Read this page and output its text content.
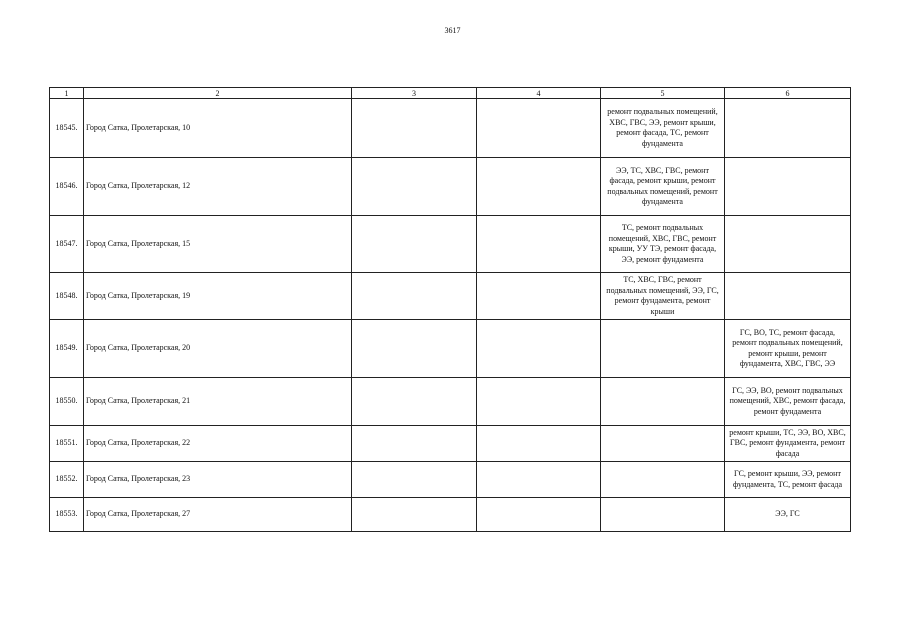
3617
1	2	3	4	5	6
18545.	Город Сатка, Пролетарская, 10			ремонт подвальных помещений, ХВС, ГВС, ЭЭ, ремонт крыши, ремонт фасада, ТС, ремонт фундамента	
18546.	Город Сатка, Пролетарская, 12			ЭЭ, ТС, ХВС, ГВС, ремонт фасада, ремонт крыши, ремонт подвальных помещений, ремонт фундамента	
18547.	Город Сатка, Пролетарская, 15			ТС, ремонт подвальных помещений, ХВС, ГВС, ремонт крыши, УУ ТЭ, ремонт фасада, ЭЭ, ремонт фундамента	
18548.	Город Сатка, Пролетарская, 19			ТС, ХВС, ГВС, ремонт подвальных помещений, ЭЭ, ГС, ремонт фундамента, ремонт крыши	
18549.	Город Сатка, Пролетарская, 20				ГС, ВО, ТС, ремонт фасада, ремонт подвальных помещений, ремонт крыши, ремонт фундамента, ХВС, ГВС, ЭЭ
18550.	Город Сатка, Пролетарская, 21				ГС, ЭЭ, ВО, ремонт подвальных помещений, ХВС, ремонт фасада, ремонт фундамента
18551.	Город Сатка, Пролетарская, 22				ремонт крыши, ТС, ЭЭ, ВО, ХВС, ГВС, ремонт фундамента, ремонт фасада
18552.	Город Сатка, Пролетарская, 23				ГС, ремонт крыши, ЭЭ, ремонт фундамента, ТС, ремонт фасада
18553.	Город Сатка, Пролетарская, 27				ЭЭ, ГС
